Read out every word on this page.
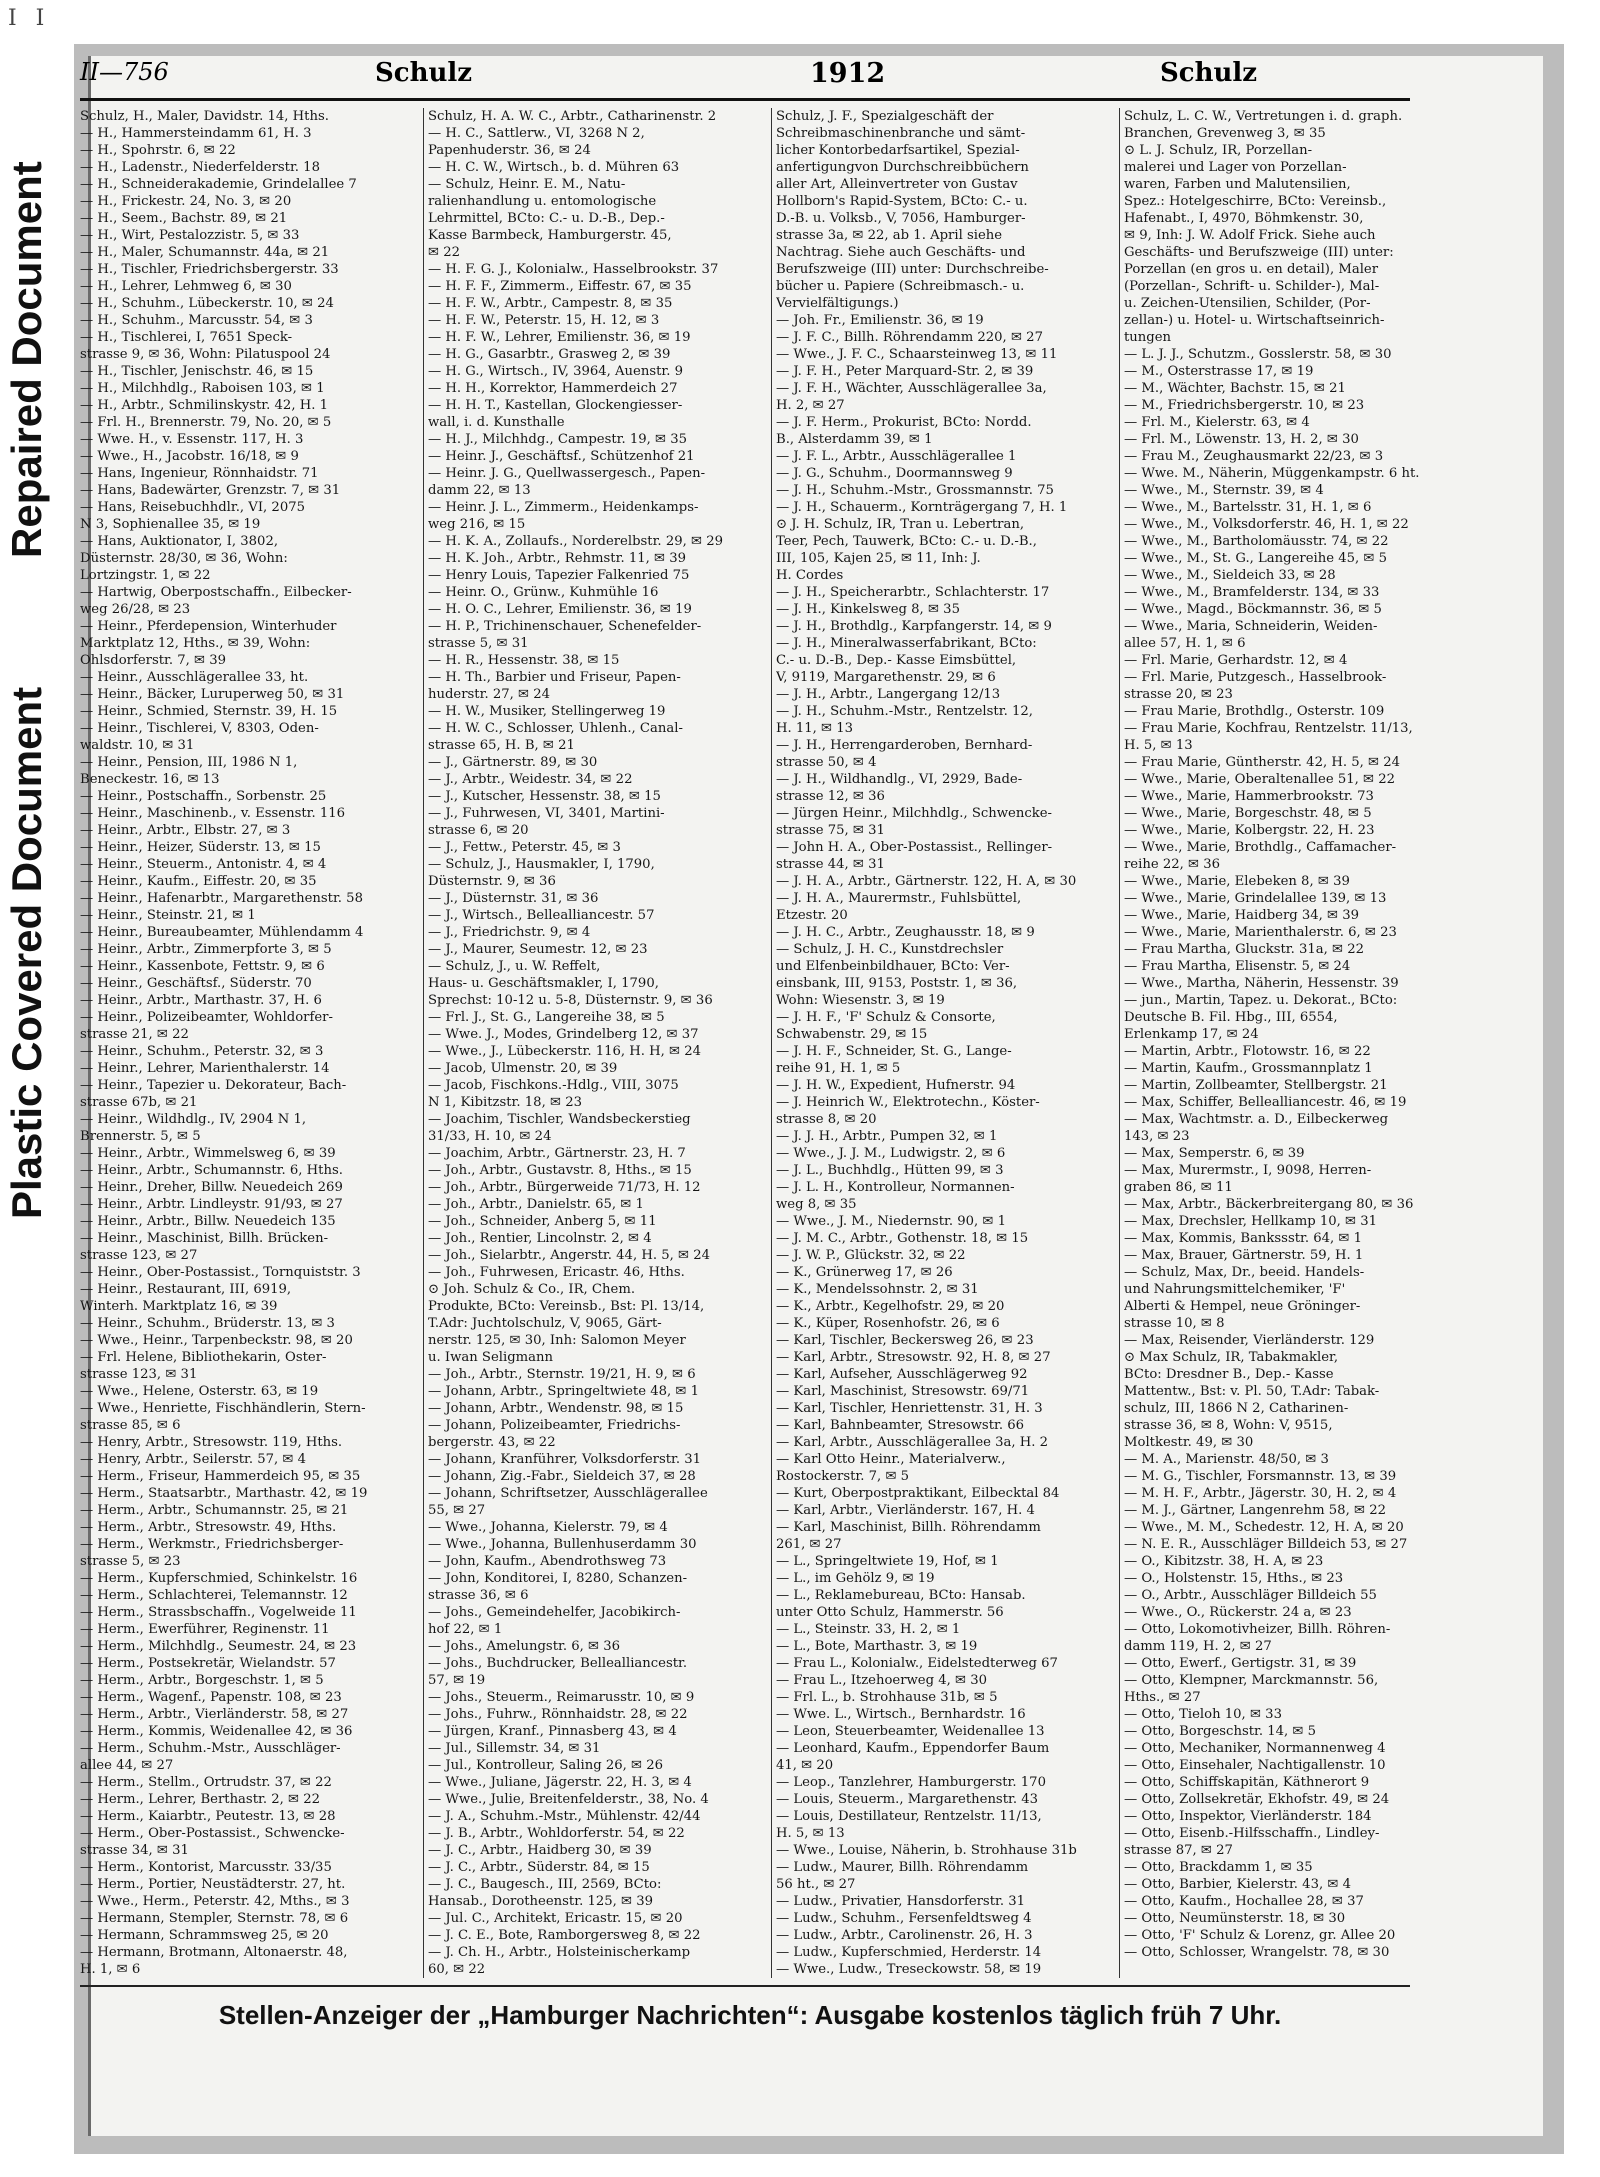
I I
Repaired Document
Plastic Covered Document
II—756	Schulz	1912	Schulz
Schulz, H., Maler, Davidstr. 14, Hths.
— H., Hammersteindamm 61, H. 3
— H., Spohrstr. 6, ✉ 22
— H., Ladenstr., Niederfelderstr. 18
— H., Schneiderakademie, Grindelallee 7
— H., Frickestr. 24, No. 3, ✉ 20
— H., Seem., Bachstr. 89, ✉ 21
— H., Wirt, Pestalozzistr. 5, ✉ 33
— H., Maler, Schumannstr. 44a, ✉ 21
— H., Tischler, Friedrichsbergerstr. 33
— H., Lehrer, Lehmweg 6, ✉ 30
— H., Schuhm., Lübeckerstr. 10, ✉ 24
— H., Schuhm., Marcusstr. 54, ✉ 3
— H., Tischlerei, I, 7651 Speck-
strasse 9, ✉ 36, Wohn: Pilatuspool 24
— H., Tischler, Jenischstr. 46, ✉ 15
— H., Milchhdlg., Raboisen 103, ✉ 1
— H., Arbtr., Schmilinskystr. 42, H. 1
— Frl. H., Brennerstr. 79, No. 20, ✉ 5
— Wwe. H., v. Essenstr. 117, H. 3
— Wwe., H., Jacobstr. 16/18, ✉ 9
— Hans, Ingenieur, Rönnhaidstr. 71
— Hans, Badewärter, Grenzstr. 7, ✉ 31
— Hans, Reisebuchhdlr., VI, 2075
N 3, Sophienallee 35, ✉ 19
— Hans, Auktionator, I, 3802,
Düsternstr. 28/30, ✉ 36, Wohn:
Lortzingstr. 1, ✉ 22
— Hartwig, Oberpostschaffn., Eilbecker-
weg 26/28, ✉ 23
— Heinr., Pferdepension, Winterhuder
Marktplatz 12, Hths., ✉ 39, Wohn:
Ohlsdorferstr. 7, ✉ 39
— Heinr., Ausschlägerallee 33, ht.
— Heinr., Bäcker, Luruperweg 50, ✉ 31
— Heinr., Schmied, Sternstr. 39, H. 15
— Heinr., Tischlerei, V, 8303, Oden-
waldstr. 10, ✉ 31
— Heinr., Pension, III, 1986 N 1,
Beneckestr. 16, ✉ 13
— Heinr., Postschaffn., Sorbenstr. 25
— Heinr., Maschinenb., v. Essenstr. 116
— Heinr., Arbtr., Elbstr. 27, ✉ 3
— Heinr., Heizer, Süderstr. 13, ✉ 15
— Heinr., Steuerm., Antonistr. 4, ✉ 4
— Heinr., Kaufm., Eiffestr. 20, ✉ 35
— Heinr., Hafenarbtr., Margarethenstr. 58
— Heinr., Steinstr. 21, ✉ 1
— Heinr., Bureaubeamter, Mühlendamm 4
— Heinr., Arbtr., Zimmerpforte 3, ✉ 5
— Heinr., Kassenbote, Fettstr. 9, ✉ 6
— Heinr., Geschäftsf., Süderstr. 70
— Heinr., Arbtr., Marthastr. 37, H. 6
— Heinr., Polizeibeamter, Wohldorfer-
strasse 21, ✉ 22
— Heinr., Schuhm., Peterstr. 32, ✉ 3
— Heinr., Lehrer, Marienthalerstr. 14
— Heinr., Tapezier u. Dekorateur, Bach-
strasse 67b, ✉ 21
— Heinr., Wildhdlg., IV, 2904 N 1,
Brennerstr. 5, ✉ 5
— Heinr., Arbtr., Wimmelsweg 6, ✉ 39
— Heinr., Arbtr., Schumannstr. 6, Hths.
— Heinr., Dreher, Billw. Neuedeich 269
— Heinr., Arbtr. Lindleystr. 91/93, ✉ 27
— Heinr., Arbtr., Billw. Neuedeich 135
— Heinr., Maschinist, Billh. Brücken-
strasse 123, ✉ 27
— Heinr., Ober-Postassist., Tornquiststr. 3
— Heinr., Restaurant, III, 6919,
Winterh. Marktplatz 16, ✉ 39
— Heinr., Schuhm., Brüderstr. 13, ✉ 3
— Wwe., Heinr., Tarpenbeckstr. 98, ✉ 20
— Frl. Helene, Bibliothekarin, Oster-
strasse 123, ✉ 31
— Wwe., Helene, Osterstr. 63, ✉ 19
— Wwe., Henriette, Fischhändlerin, Stern-
strasse 85, ✉ 6
— Henry, Arbtr., Stresowstr. 119, Hths.
— Henry, Arbtr., Seilerstr. 57, ✉ 4
— Herm., Friseur, Hammerdeich 95, ✉ 35
— Herm., Staatsarbtr., Marthastr. 42, ✉ 19
— Herm., Arbtr., Schumannstr. 25, ✉ 21
— Herm., Arbtr., Stresowstr. 49, Hths.
— Herm., Werkmstr., Friedrichsberger-
strasse 5, ✉ 23
— Herm., Kupferschmied, Schinkelstr. 16
— Herm., Schlachterei, Telemannstr. 12
— Herm., Strassbschaffn., Vogelweide 11
— Herm., Ewerführer, Reginenstr. 11
— Herm., Milchhdlg., Seumestr. 24, ✉ 23
— Herm., Postsekretär, Wielandstr. 57
— Herm., Arbtr., Borgeschstr. 1, ✉ 5
— Herm., Wagenf., Papenstr. 108, ✉ 23
— Herm., Arbtr., Vierländerstr. 58, ✉ 27
— Herm., Kommis, Weidenallee 42, ✉ 36
— Herm., Schuhm.-Mstr., Ausschläger-
allee 44, ✉ 27
— Herm., Stellm., Ortrudstr. 37, ✉ 22
— Herm., Lehrer, Berthastr. 2, ✉ 22
— Herm., Kaiarbtr., Peutestr. 13, ✉ 28
— Herm., Ober-Postassist., Schwencke-
strasse 34, ✉ 31
— Herm., Kontorist, Marcusstr. 33/35
— Herm., Portier, Neustädterstr. 27, ht.
— Wwe., Herm., Peterstr. 42, Mths., ✉ 3
— Hermann, Stempler, Sternstr. 78, ✉ 6
— Hermann, Schrammsweg 25, ✉ 20
— Hermann, Brotmann, Altonaerstr. 48,
H. 1, ✉ 6
Schulz, H. A. W. C., Arbtr., Catharinenstr. 2
— H. C., Sattlerw., VI, 3268 N 2,
Papenhuderstr. 36, ✉ 24
— H. C. W., Wirtsch., b. d. Mühren 63
— Schulz, Heinr. E. M., Natu-
ralienhandlung u. entomologische
Lehrmittel, BCto: C.- u. D.-B., Dep.-
Kasse Barmbeck, Hamburgerstr. 45,
✉ 22
— H. F. G. J., Kolonialw., Hasselbrookstr. 37
— H. F. F., Zimmerm., Eiffestr. 67, ✉ 35
— H. F. W., Arbtr., Campestr. 8, ✉ 35
— H. F. W., Peterstr. 15, H. 12, ✉ 3
— H. F. W., Lehrer, Emilienstr. 36, ✉ 19
— H. G., Gasarbtr., Grasweg 2, ✉ 39
— H. G., Wirtsch., IV, 3964, Auenstr. 9
— H. H., Korrektor, Hammerdeich 27
— H. H. T., Kastellan, Glockengiesser-
wall, i. d. Kunsthalle
— H. J., Milchhdg., Campestr. 19, ✉ 35
— Heinr. J., Geschäftsf., Schützenhof 21
— Heinr. J. G., Quellwassergesch., Papen-
damm 22, ✉ 13
— Heinr. J. L., Zimmerm., Heidenkamps-
weg 216, ✉ 15
— H. K. A., Zollaufs., Norderelbstr. 29, ✉ 29
— H. K. Joh., Arbtr., Rehmstr. 11, ✉ 39
— Henry Louis, Tapezier Falkenried 75
— Heinr. O., Grünw., Kuhmühle 16
— H. O. C., Lehrer, Emilienstr. 36, ✉ 19
— H. P., Trichinenschauer, Schenefelder-
strasse 5, ✉ 31
— H. R., Hessenstr. 38, ✉ 15
— H. Th., Barbier und Friseur, Papen-
huderstr. 27, ✉ 24
— H. W., Musiker, Stellingerweg 19
— H. W. C., Schlosser, Uhlenh., Canal-
strasse 65, H. B, ✉ 21
— J., Gärtnerstr. 89, ✉ 30
— J., Arbtr., Weidestr. 34, ✉ 22
— J., Kutscher, Hessenstr. 38, ✉ 15
— J., Fuhrwesen, VI, 3401, Martini-
strasse 6, ✉ 20
— J., Fettw., Peterstr. 45, ✉ 3
— Schulz, J., Hausmakler, I, 1790,
Düsternstr. 9, ✉ 36
— J., Düsternstr. 31, ✉ 36
— J., Wirtsch., Belleallianсеstr. 57
— J., Friedrichstr. 9, ✉ 4
— J., Maurer, Seumestr. 12, ✉ 23
— Schulz, J., u. W. Reffelt,
Haus- u. Geschäftsmakler, I, 1790,
Sprechst: 10-12 u. 5-8, Düsternstr. 9, ✉ 36
— Frl. J., St. G., Langereihe 38, ✉ 5
— Wwe. J., Modes, Grindelberg 12, ✉ 37
— Wwe., J., Lübeckerstr. 116, H. H, ✉ 24
— Jacob, Ulmenstr. 20, ✉ 39
— Jacob, Fischkons.-Hdlg., VIII, 3075
N 1, Kibitzstr. 18, ✉ 23
— Joachim, Tischler, Wandsbeckerstieg
31/33, H. 10, ✉ 24
— Joachim, Arbtr., Gärtnerstr. 23, H. 7
— Joh., Arbtr., Gustavstr. 8, Hths., ✉ 15
— Joh., Arbtr., Bürgerweide 71/73, H. 12
— Joh., Arbtr., Danielstr. 65, ✉ 1
— Joh., Schneider, Anberg 5, ✉ 11
— Joh., Rentier, Lincolnstr. 2, ✉ 4
— Joh., Sielarbtr., Angerstr. 44, H. 5, ✉ 24
— Joh., Fuhrwesen, Ericastr. 46, Hths.
⊙ Joh. Schulz & Co., IR, Chem.
Produkte, BCto: Vereinsb., Bst: Pl. 13/14,
T.Adr: Juchtolschulz, V, 9065, Gärt-
nerstr. 125, ✉ 30, Inh: Salomon Meyer
u. Iwan Seligmann
— Joh., Arbtr., Sternstr. 19/21, H. 9, ✉ 6
— Johann, Arbtr., Springeltwiete 48, ✉ 1
— Johann, Arbtr., Wendenstr. 98, ✉ 15
— Johann, Polizeibeamter, Friedrichs-
bergerstr. 43, ✉ 22
— Johann, Kranführer, Volksdorferstr. 31
— Johann, Zig.-Fabr., Sieldeich 37, ✉ 28
— Johann, Schriftsetzer, Ausschlägerallee
55, ✉ 27
— Wwe., Johanna, Kielerstr. 79, ✉ 4
— Wwe., Johanna, Bullenhuserdamm 30
— John, Kaufm., Abendrothsweg 73
— John, Konditorei, I, 8280, Schanzen-
strasse 36, ✉ 6
— Johs., Gemeindehelfer, Jacobikirch-
hof 22, ✉ 1
— Johs., Amelungstr. 6, ✉ 36
— Johs., Buchdrucker, Belleallianсеstr.
57, ✉ 19
— Johs., Steuerm., Reimarusstr. 10, ✉ 9
— Johs., Fuhrw., Rönnhaidstr. 28, ✉ 22
— Jürgen, Kranf., Pinnasberg 43, ✉ 4
— Jul., Sillemstr. 34, ✉ 31
— Jul., Kontrolleur, Saling 26, ✉ 26
— Wwe., Juliane, Jägerstr. 22, H. 3, ✉ 4
— Wwe., Julie, Breitenfelderstr., 38, No. 4
— J. A., Schuhm.-Mstr., Mühlenstr. 42/44
— J. B., Arbtr., Wohldorferstr. 54, ✉ 22
— J. C., Arbtr., Haidberg 30, ✉ 39
— J. C., Arbtr., Süderstr. 84, ✉ 15
— J. C., Baugesch., III, 2569, BCto:
Hansab., Dorotheenstr. 125, ✉ 39
— Jul. C., Architekt, Ericastr. 15, ✉ 20
— J. C. E., Bote, Ramborgersweg 8, ✉ 22
— J. Ch. H., Arbtr., Holsteinischerkamp
60, ✉ 22
Schulz, J. F., Spezialgeschäft der
Schreibmaschinenbranche und sämt-
licher Kontorbedarfsartikel, Spezial-
anfertigungvon Durchschreibbüchern
aller Art, Alleinvertreter von Gustav
Hollborn's Rapid-System, BCto: C.- u.
D.-B. u. Volksb., V, 7056, Hamburger-
strasse 3a, ✉ 22, ab 1. April siehe
Nachtrag. Siehe auch Geschäfts- und
Berufszweige (III) unter: Durchschreibe-
bücher u. Papiere (Schreibmasch.- u.
Vervielfältigungs.)
— Joh. Fr., Emilienstr. 36, ✉ 19
— J. F. C., Billh. Röhrendamm 220, ✉ 27
— Wwe., J. F. C., Schaarsteinweg 13, ✉ 11
— J. F. H., Peter Marquard-Str. 2, ✉ 39
— J. F. H., Wächter, Ausschlägerallee 3a,
H. 2, ✉ 27
— J. F. Herm., Prokurist, BCto: Nordd.
B., Alsterdamm 39, ✉ 1
— J. F. L., Arbtr., Ausschlägerallee 1
— J. G., Schuhm., Doormannsweg 9
— J. H., Schuhm.-Mstr., Grossmannstr. 75
— J. H., Schauerm., Kornträgergang 7, H. 1
⊙ J. H. Schulz, IR, Tran u. Lebertran,
Teer, Pech, Tauwerk, BCto: C.- u. D.-B.,
III, 105, Kajen 25, ✉ 11, Inh: J.
H. Cordes
— J. H., Speicherarbtr., Schlachterstr. 17
— J. H., Kinkelsweg 8, ✉ 35
— J. H., Brothdlg., Karpfangerstr. 14, ✉ 9
— J. H., Mineralwasserfabrikant, BCto:
C.- u. D.-B., Dep.- Kasse Eimsbüttel,
V, 9119, Margarethenstr. 29, ✉ 6
— J. H., Arbtr., Langergang 12/13
— J. H., Schuhm.-Mstr., Rentzelstr. 12,
H. 11, ✉ 13
— J. H., Herrengarderoben, Bernhard-
strasse 50, ✉ 4
— J. H., Wildhandlg., VI, 2929, Bade-
strasse 12, ✉ 36
— Jürgen Heinr., Milchhdlg., Schwencke-
strasse 75, ✉ 31
— John H. A., Ober-Postassist., Rellinger-
strasse 44, ✉ 31
— J. H. A., Arbtr., Gärtnerstr. 122, H. A, ✉ 30
— J. H. A., Maurermstr., Fuhlsbüttel,
Etzestr. 20
— J. H. C., Arbtr., Zeughausstr. 18, ✉ 9
— Schulz, J. H. C., Kunstdrechsler
und Elfenbeinbildhauer, BCto: Ver-
einsbank, III, 9153, Poststr. 1, ✉ 36,
Wohn: Wiesenstr. 3, ✉ 19
— J. H. F., 'F' Schulz & Consorte,
Schwabenstr. 29, ✉ 15
— J. H. F., Schneider, St. G., Lange-
reihe 91, H. 1, ✉ 5
— J. H. W., Expedient, Hufnerstr. 94
— J. Heinrich W., Elektrotechn., Köster-
strasse 8, ✉ 20
— J. J. H., Arbtr., Pumpen 32, ✉ 1
— Wwe., J. J. M., Ludwigstr. 2, ✉ 6
— J. L., Buchhdlg., Hütten 99, ✉ 3
— J. L. H., Kontrolleur, Normannen-
weg 8, ✉ 35
— Wwe., J. M., Niedernstr. 90, ✉ 1
— J. M. C., Arbtr., Gothenstr. 18, ✉ 15
— J. W. P., Glückstr. 32, ✉ 22
— K., Grünerweg 17, ✉ 26
— K., Mendelssohnstr. 2, ✉ 31
— K., Arbtr., Kegelhofstr. 29, ✉ 20
— K., Küper, Rosenhofstr. 26, ✉ 6
— Karl, Tischler, Beckersweg 26, ✉ 23
— Karl, Arbtr., Stresowstr. 92, H. 8, ✉ 27
— Karl, Aufseher, Ausschlägerweg 92
— Karl, Maschinist, Stresowstr. 69/71
— Karl, Tischler, Henriettenstr. 31, H. 3
— Karl, Bahnbeamter, Stresowstr. 66
— Karl, Arbtr., Ausschlägerallee 3a, H. 2
— Karl Otto Heinr., Materialverw.,
Rostockerstr. 7, ✉ 5
— Kurt, Oberpostpraktikant, Eilbecktal 84
— Karl, Arbtr., Vierländerstr. 167, H. 4
— Karl, Maschinist, Billh. Röhrendamm
261, ✉ 27
— L., Springeltwiete 19, Hof, ✉ 1
— L., im Gehölz 9, ✉ 19
— L., Reklamebureau, BCto: Hansab.
unter Otto Schulz, Hammerstr. 56
— L., Steinstr. 33, H. 2, ✉ 1
— L., Bote, Marthastr. 3, ✉ 19
— Frau L., Kolonialw., Eidelstedterweg 67
— Frau L., Itzehoerweg 4, ✉ 30
— Frl. L., b. Strohhause 31b, ✉ 5
— Wwe. L., Wirtsch., Bernhardstr. 16
— Leon, Steuerbeamter, Weidenallee 13
— Leonhard, Kaufm., Eppendorfer Baum
41, ✉ 20
— Leop., Tanzlehrer, Hamburgerstr. 170
— Louis, Steuerm., Margarethenstr. 43
— Louis, Destillateur, Rentzelstr. 11/13,
H. 5, ✉ 13
— Wwe., Louise, Näherin, b. Strohhause 31b
— Ludw., Maurer, Billh. Röhrendamm
56 ht., ✉ 27
— Ludw., Privatier, Hansdorferstr. 31
— Ludw., Schuhm., Fersenfeldtsweg 4
— Ludw., Arbtr., Carolinenstr. 26, H. 3
— Ludw., Kupferschmied, Herderstr. 14
— Wwe., Ludw., Treseckowstr. 58, ✉ 19
Schulz, L. C. W., Vertretungen i. d. graph.
Branchen, Grevenweg 3, ✉ 35
⊙ L. J. Schulz, IR, Porzellan-
malerei und Lager von Porzellan-
waren, Farben und Malutensilien,
Spez.: Hotelgeschirre, BCto: Vereinsb.,
Hafenabt., I, 4970, Böhmkenstr. 30,
✉ 9, Inh: J. W. Adolf Frick. Siehe auch
Geschäfts- und Berufszweige (III) unter:
Porzellan (en gros u. en detail), Maler
(Porzellan-, Schrift- u. Schilder-), Mal-
u. Zeichen-Utensilien, Schilder, (Por-
zellan-) u. Hotel- u. Wirtschaftseinrich-
tungen
— L. J. J., Schutzm., Gosslerstr. 58, ✉ 30
— M., Osterstrasse 17, ✉ 19
— M., Wächter, Bachstr. 15, ✉ 21
— M., Friedrichsbergerstr. 10, ✉ 23
— Frl. M., Kielerstr. 63, ✉ 4
— Frl. M., Löwenstr. 13, H. 2, ✉ 30
— Frau M., Zeughausmarkt 22/23, ✉ 3
— Wwe. M., Näherin, Müggenkampstr. 6 ht.
— Wwe., M., Sternstr. 39, ✉ 4
— Wwe., M., Bartelsstr. 31, H. 1, ✉ 6
— Wwe., M., Volksdorferstr. 46, H. 1, ✉ 22
— Wwe., M., Bartholomäusstr. 74, ✉ 22
— Wwe., M., St. G., Langereihe 45, ✉ 5
— Wwe., M., Sieldeich 33, ✉ 28
— Wwe., M., Bramfelderstr. 134, ✉ 33
— Wwe., Magd., Böckmannstr. 36, ✉ 5
— Wwe., Maria, Schneiderin, Weiden-
allee 57, H. 1, ✉ 6
— Frl. Marie, Gerhardstr. 12, ✉ 4
— Frl. Marie, Putzgesch., Hasselbrook-
strasse 20, ✉ 23
— Frau Marie, Brothdlg., Osterstr. 109
— Frau Marie, Kochfrau, Rentzelstr. 11/13,
H. 5, ✉ 13
— Frau Marie, Güntherstr. 42, H. 5, ✉ 24
— Wwe., Marie, Oberaltenallee 51, ✉ 22
— Wwe., Marie, Hammerbrookstr. 73
— Wwe., Marie, Borgeschstr. 48, ✉ 5
— Wwe., Marie, Kolbergstr. 22, H. 23
— Wwe., Marie, Brothdlg., Caffamacher-
reihe 22, ✉ 36
— Wwe., Marie, Elebeken 8, ✉ 39
— Wwe., Marie, Grindelallee 139, ✉ 13
— Wwe., Marie, Haidberg 34, ✉ 39
— Wwe., Marie, Marienthalerstr. 6, ✉ 23
— Frau Martha, Gluckstr. 31a, ✉ 22
— Frau Martha, Elisenstr. 5, ✉ 24
— Wwe., Martha, Näherin, Hessenstr. 39
— jun., Martin, Tapez. u. Dekorat., BCto:
Deutsche B. Fil. Hbg., III, 6554,
Erlenkamp 17, ✉ 24
— Martin, Arbtr., Flotowstr. 16, ✉ 22
— Martin, Kaufm., Grossmannplatz 1
— Martin, Zollbeamter, Stellbergstr. 21
— Max, Schiffer, Belleallianсеstr. 46, ✉ 19
— Max, Wachtmstr. a. D., Eilbeckerweg
143, ✉ 23
— Max, Semperstr. 6, ✉ 39
— Max, Murermstr., I, 9098, Herren-
graben 86, ✉ 11
— Max, Arbtr., Bäckerbreitergang 80, ✉ 36
— Max, Drechsler, Hellkamp 10, ✉ 31
— Max, Kommis, Bankssstr. 64, ✉ 1
— Max, Brauer, Gärtnerstr. 59, H. 1
— Schulz, Max, Dr., beeid. Handels-
und Nahrungsmittelchemiker, 'F'
Alberti & Hempel, neue Gröninger-
strasse 10, ✉ 8
— Max, Reisender, Vierländerstr. 129
⊙ Max Schulz, IR, Tabakmakler,
BCto: Dresdner B., Dep.- Kasse
Mattentw., Bst: v. Pl. 50, T.Adr: Tabak-
schulz, III, 1866 N 2, Catharinen-
strasse 36, ✉ 8, Wohn: V, 9515,
Moltkestr. 49, ✉ 30
— M. A., Marienstr. 48/50, ✉ 3
— M. G., Tischler, Forsmannstr. 13, ✉ 39
— M. H. F., Arbtr., Jägerstr. 30, H. 2, ✉ 4
— M. J., Gärtner, Langenrehm 58, ✉ 22
— Wwe., M. M., Schedestr. 12, H. A, ✉ 20
— N. E. R., Ausschläger Billdeich 53, ✉ 27
— O., Kibitzstr. 38, H. A, ✉ 23
— O., Holstenstr. 15, Hths., ✉ 23
— O., Arbtr., Ausschläger Billdeich 55
— Wwe., O., Rückerstr. 24 a, ✉ 23
— Otto, Lokomotivheizer, Billh. Röhren-
damm 119, H. 2, ✉ 27
— Otto, Ewerf., Gertigstr. 31, ✉ 39
— Otto, Klempner, Marckmannstr. 56,
Hths., ✉ 27
— Otto, Tieloh 10, ✉ 33
— Otto, Borgeschstr. 14, ✉ 5
— Otto, Mechaniker, Normannenweg 4
— Otto, Einsehaler, Nachtigallenstr. 10
— Otto, Schiffskapitän, Käthnerort 9
— Otto, Zollsekretär, Ekhofstr. 49, ✉ 24
— Otto, Inspektor, Vierländerstr. 184
— Otto, Eisenb.-Hilfsschaffn., Lindley-
strasse 87, ✉ 27
— Otto, Brackdamm 1, ✉ 35
— Otto, Barbier, Kielerstr. 43, ✉ 4
— Otto, Kaufm., Hochallee 28, ✉ 37
— Otto, Neumünsterstr. 18, ✉ 30
— Otto, 'F' Schulz & Lorenz, gr. Allee 20
— Otto, Schlosser, Wrangelstr. 78, ✉ 30
Stellen-Anzeiger der „Hamburger Nachrichten“: Ausgabe kostenlos täglich früh 7 Uhr.
